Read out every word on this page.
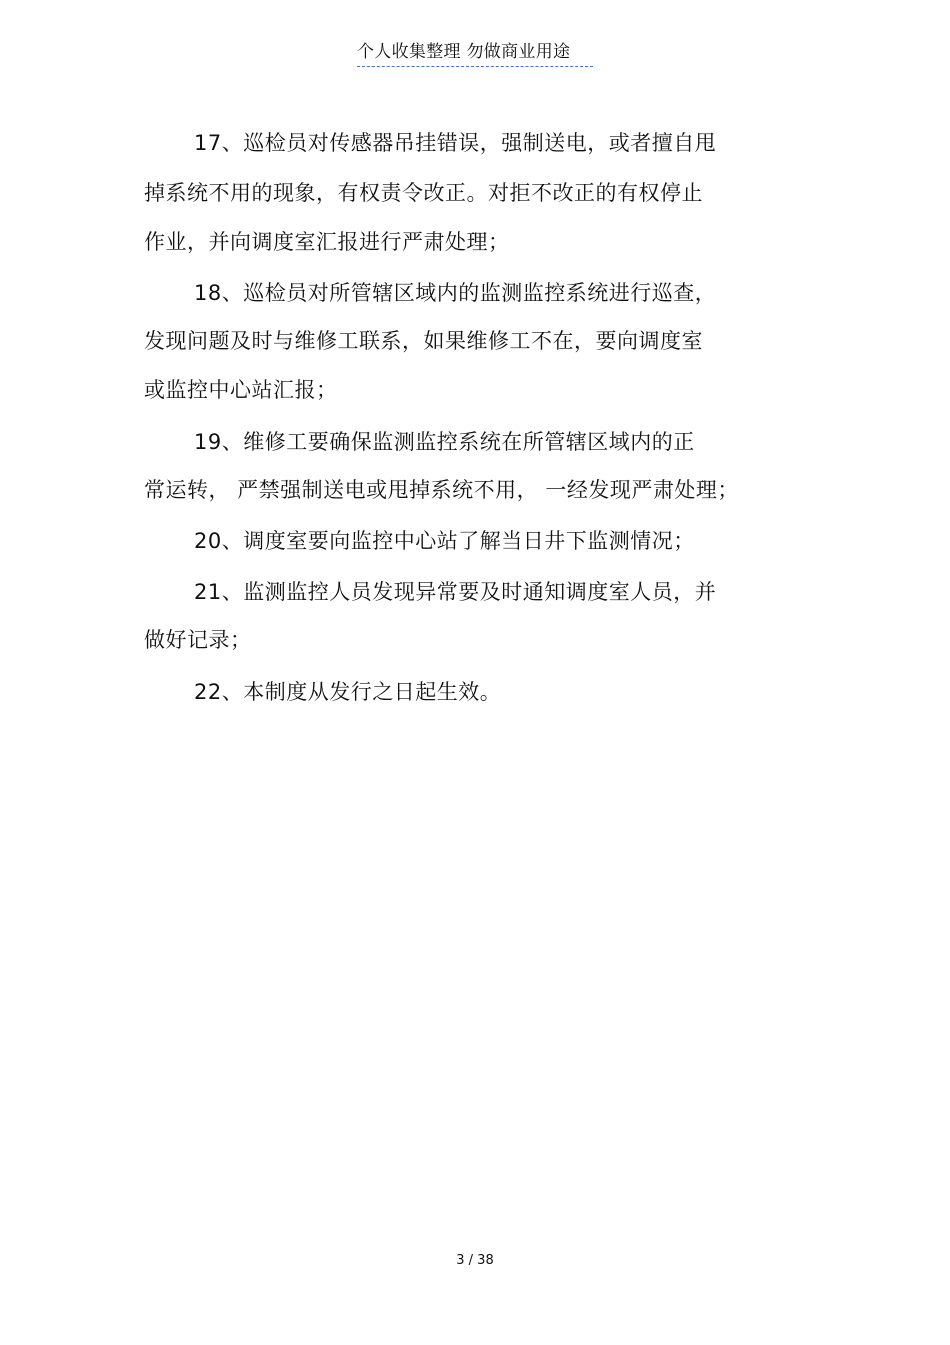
个人收集整理 勿做商业用途
17、巡检员对传感器吊挂错误，强制送电，或者擅自甩
掉系统不用的现象，有权责令改正。对拒不改正的有权停止
作业，并向调度室汇报进行严肃处理；
18、巡检员对所管辖区域内的监测监控系统进行巡查，
发现问题及时与维修工联系，如果维修工不在，要向调度室
或监控中心站汇报；
19、维修工要确保监测监控系统在所管辖区域内的正
常运转， 严禁强制送电或甩掉系统不用， 一经发现严肃处理；
20、调度室要向监控中心站了解当日井下监测情况；
21、监测监控人员发现异常要及时通知调度室人员，并
做好记录；
22、本制度从发行之日起生效。
3 / 38
